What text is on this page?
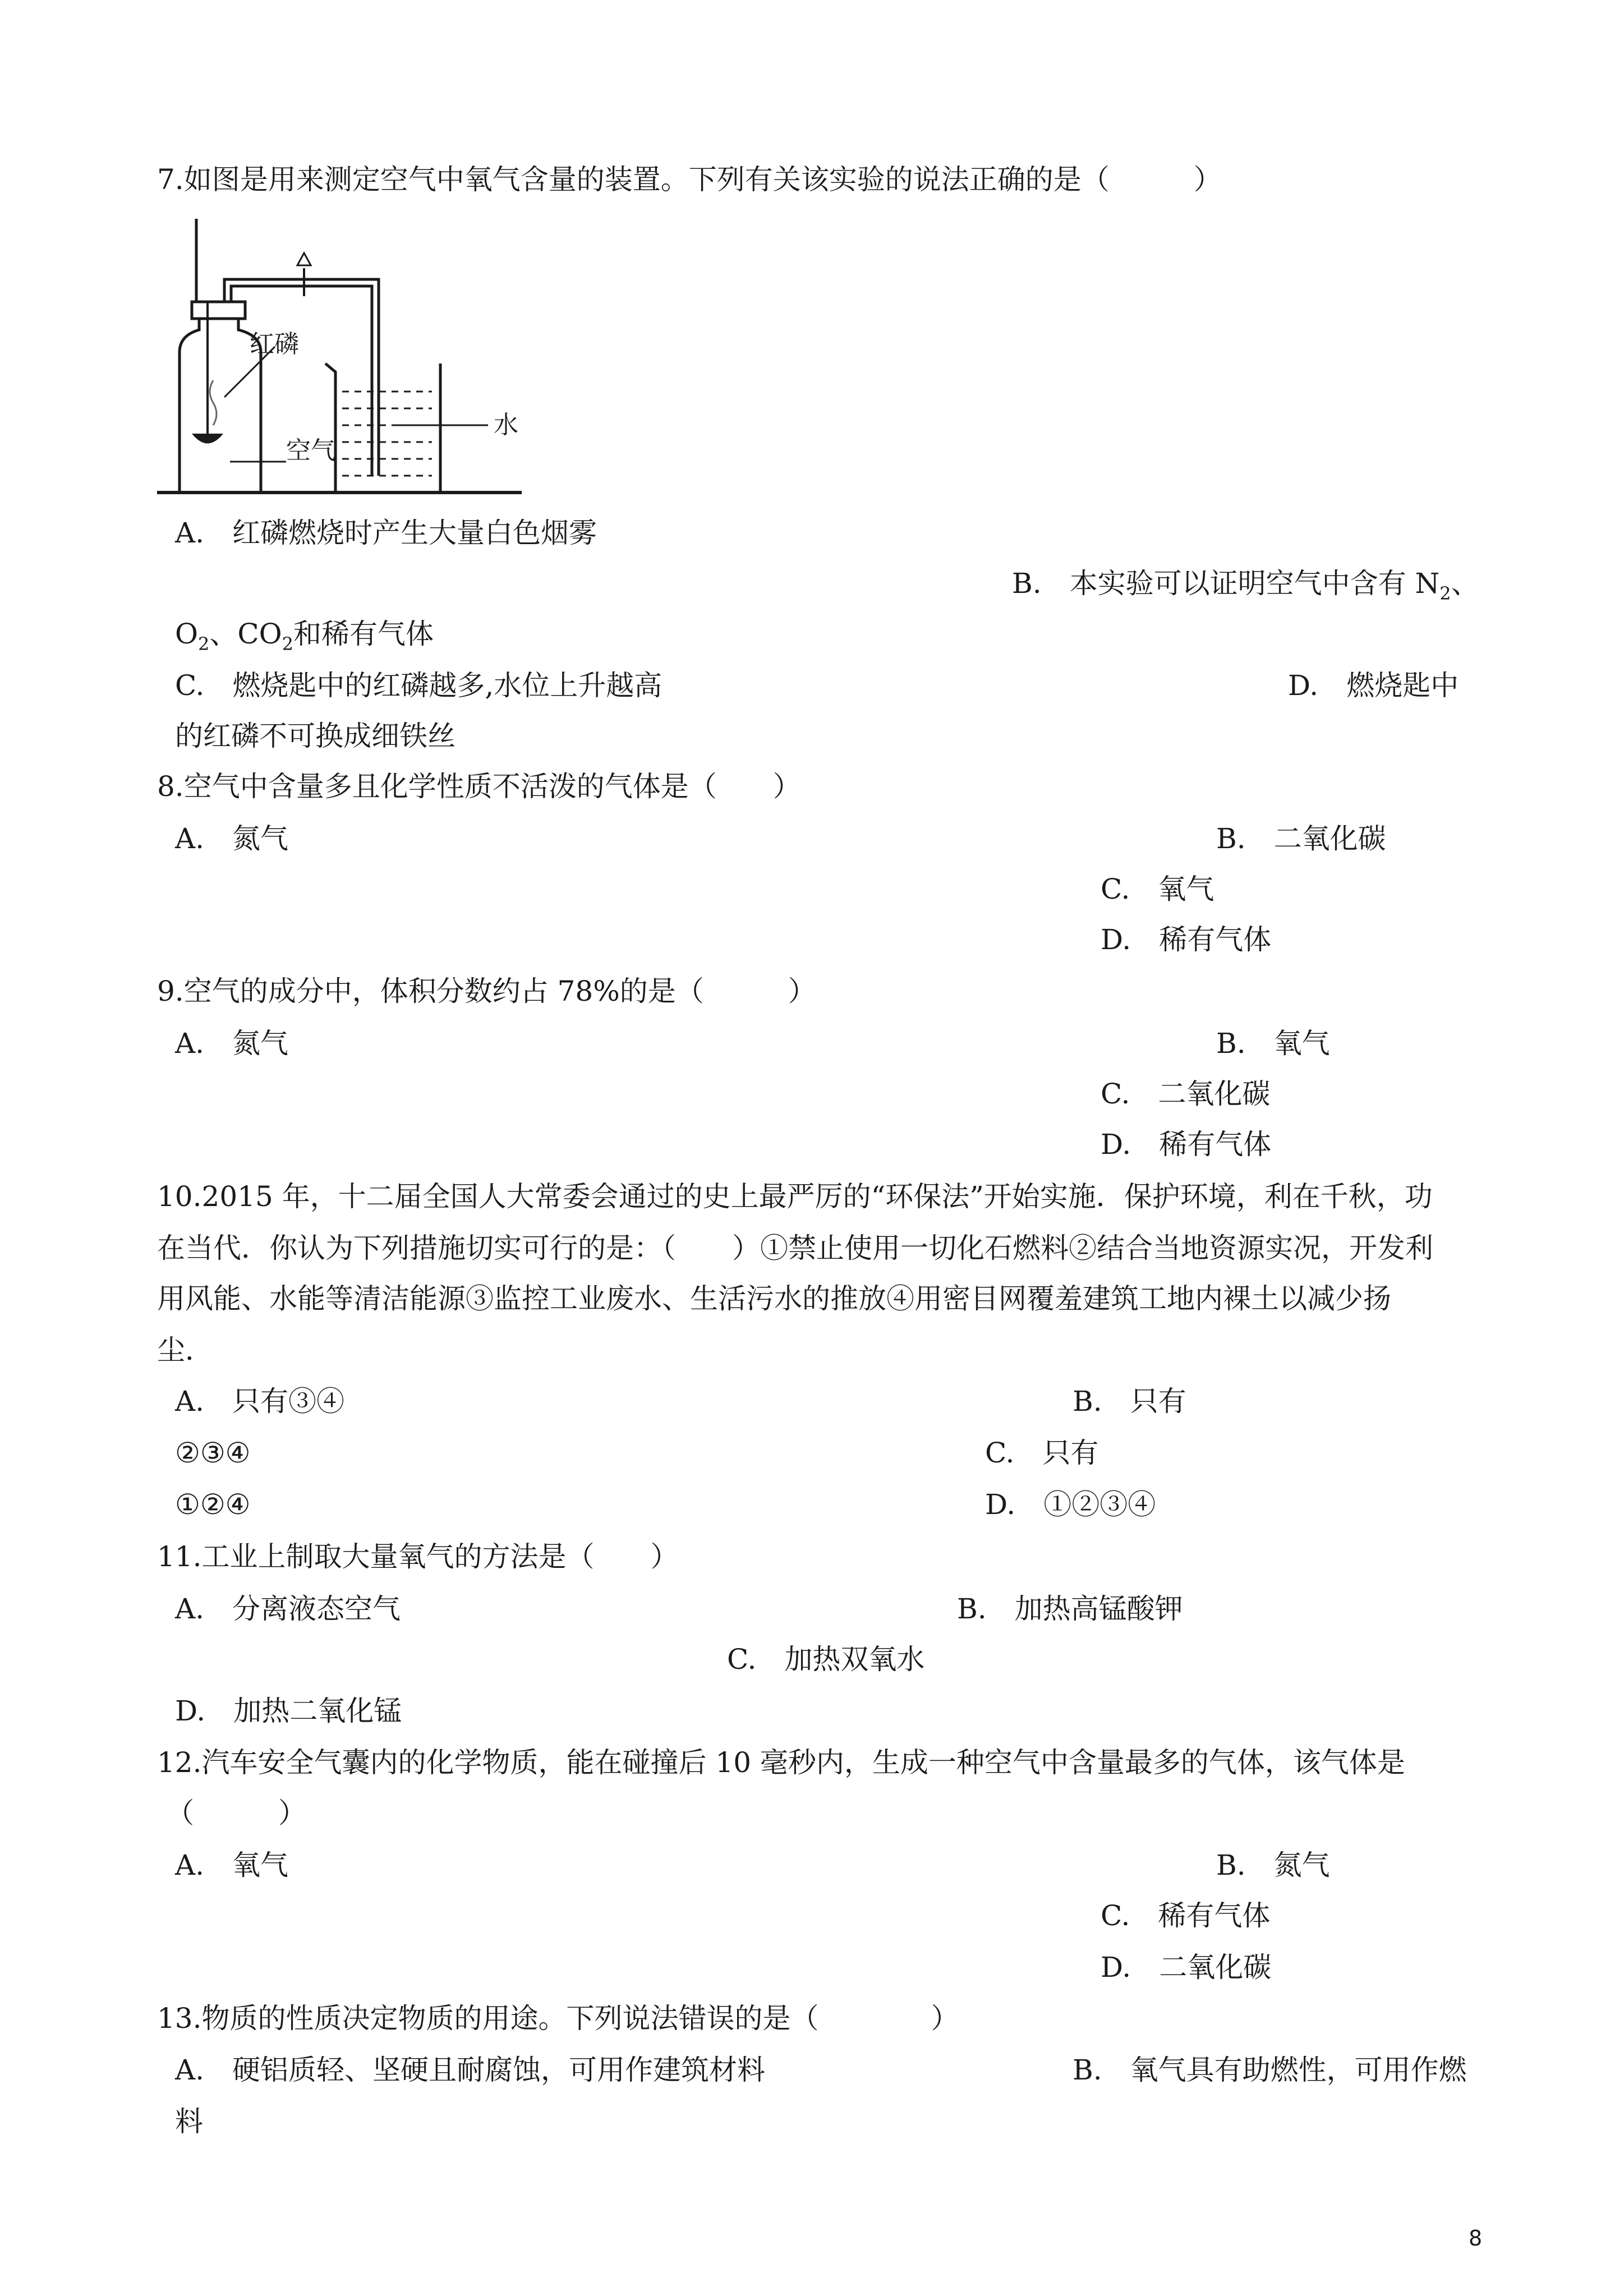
7.如图是用来测定空气中氧气含量的装置。下列有关该实验的说法正确的是（　　　）
红磷
水
空气
A.　红磷燃烧时产生大量白色烟雾
B.　本实验可以证明空气中含有 $N_2$、
$O_2$、$CO_2$和稀有气体
C.　燃烧匙中的红磷越多,水位上升越高	D.　燃烧匙中
的红磷不可换成细铁丝
8.空气中含量多且化学性质不活泼的气体是（　　）
A.　氮气	B.　二氧化碳
C.　氧气
D.　稀有气体
9.空气的成分中，体积分数约占 78%的是（　　　）
A.　氮气	B.　氧气
C.　二氧化碳
D.　稀有气体
10.2015 年，十二届全国人大常委会通过的史上最严厉的“环保法”开始实施．保护环境，利在千秋，功
在当代．你认为下列措施切实可行的是：（　　）①禁止使用一切化石燃料②结合当地资源实况，开发利
用风能、水能等清洁能源③监控工业废水、生活污水的推放④用密目网覆羞建筑工地内裸土以减少扬
尘．
A.　只有③④	B.　只有
②③④	C.　只有
①②④	D.　①②③④
11.工业上制取大量氧气的方法是（　　）
A.　分离液态空气	B.　加热高锰酸钾
C.　加热双氧水
D.　加热二氧化锰
12.汽车安全气囊内的化学物质，能在碰撞后 10 毫秒内，生成一种空气中含量最多的气体，该气体是
（　　　）
A.　氧气	B.　氮气
C.　稀有气体
D.　二氧化碳
13.物质的性质决定物质的用途。下列说法错误的是（　　　　）
A.　硬铝质轻、坚硬且耐腐蚀，可用作建筑材料	B.　氧气具有助燃性，可用作燃
料
8
